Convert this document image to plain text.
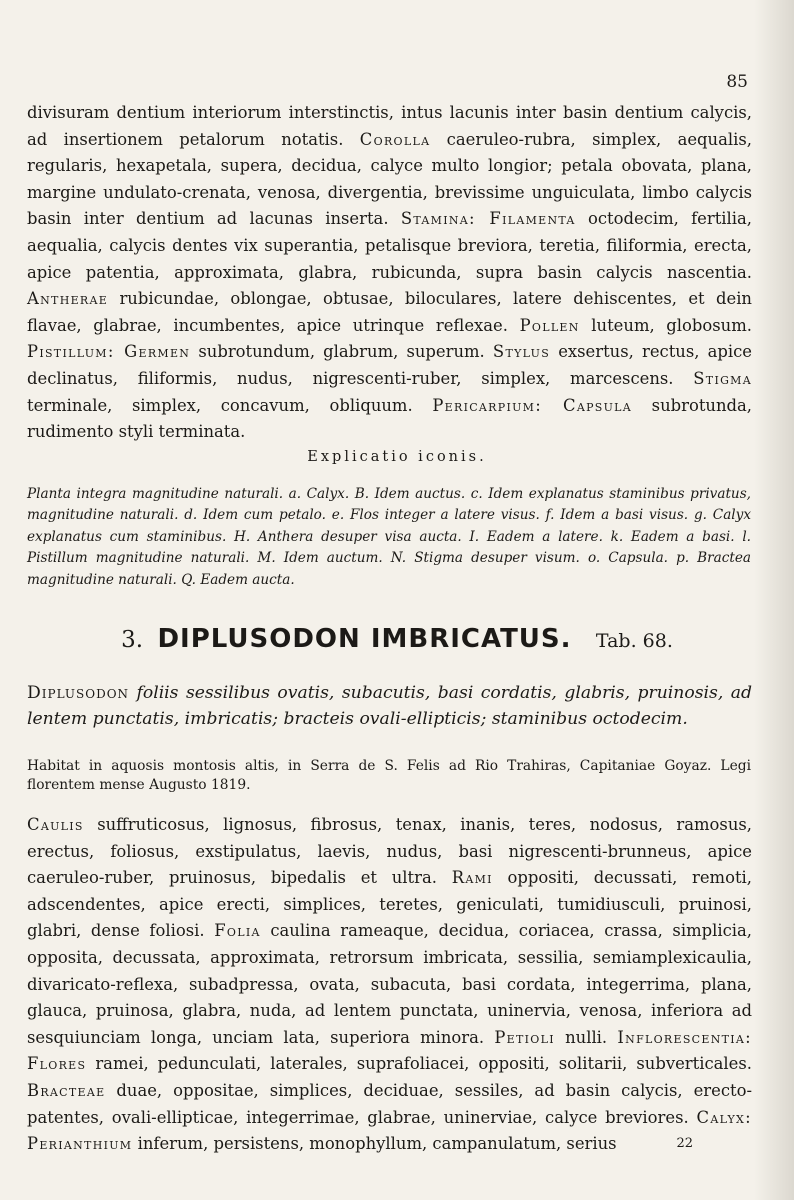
85

divisuram dentium interiorum interstinctis, intus lacunis inter basin dentium calycis, ad insertionem petalorum notatis. Corolla caeruleo-rubra, simplex, aequalis, regularis, hexapetala, supera, decidua, calyce multo longior; petala obovata, plana, margine undulato-crenata, venosa, divergentia, brevissime unguiculata, limbo calycis basin inter dentium ad lacunas inserta. Stamina: Filamenta octodecim, fertilia, aequalia, calycis dentes vix superantia, petalisque breviora, teretia, filiformia, erecta, apice patentia, approximata, glabra, rubicunda, supra basin calycis nascentia. Antherae rubicundae, oblongae, obtusae, biloculares, latere dehiscentes, et dein flavae, glabrae, incumbentes, apice utrinque reflexae. Pollen luteum, globosum. Pistillum: Germen subrotundum, glabrum, superum. Stylus exsertus, rectus, apice declinatus, filiformis, nudus, nigrescenti-ruber, simplex, marcescens. Stigma terminale, simplex, concavum, obliquum. Pericarpium: Capsula subrotunda, rudimento styli terminata.

Explicatio iconis.

Planta integra magnitudine naturali. a. Calyx. B. Idem auctus. c. Idem explanatus staminibus privatus, magnitudine naturali. d. Idem cum petalo. e. Flos integer a latere visus. f. Idem a basi visus. g. Calyx explanatus cum staminibus. H. Anthera desuper visa aucta. I. Eadem a latere. k. Eadem a basi. l. Pistillum magnitudine naturali. M. Idem auctum. N. Stigma desuper visum. o. Capsula. p. Bractea magnitudine naturali. Q. Eadem aucta.

3. DIPLUSODON IMBRICATUS. Tab. 68.

Diplusodon foliis sessilibus ovatis, subacutis, basi cordatis, glabris, pruinosis, ad lentem punctatis, imbricatis; bracteis ovali-ellipticis; staminibus octodecim.

Habitat in aquosis montosis altis, in Serra de S. Felis ad Rio Trahiras, Capitaniae Goyaz. Legi florentem mense Augusto 1819.

Caulis suffruticosus, lignosus, fibrosus, tenax, inanis, teres, nodosus, ramosus, erectus, foliosus, exstipulatus, laevis, nudus, basi nigrescenti-brunneus, apice caeruleo-ruber, pruinosus, bipedalis et ultra. Rami oppositi, decussati, remoti, adscendentes, apice erecti, simplices, teretes, geniculati, tumidiusculi, pruinosi, glabri, dense foliosi. Folia caulina rameaque, decidua, coriacea, crassa, simplicia, opposita, decussata, approximata, retrorsum imbricata, sessilia, semiamplexicaulia, divaricato-reflexa, subadpressa, ovata, subacuta, basi cordata, integerrima, plana, glauca, pruinosa, glabra, nuda, ad lentem punctata, uninervia, venosa, inferiora ad sesquiunciam longa, unciam lata, superiora minora. Petioli nulli. Inflorescentia: Flores ramei, pedunculati, laterales, suprafoliacei, oppositi, solitarii, subverticales. Bracteae duae, oppositae, simplices, deciduae, sessiles, ad basin calycis, erecto-patentes, ovali-ellipticae, integerrimae, glabrae, uninerviae, calyce breviores. Calyx: Perianthium inferum, persistens, monophyllum, campanulatum, serius	22
